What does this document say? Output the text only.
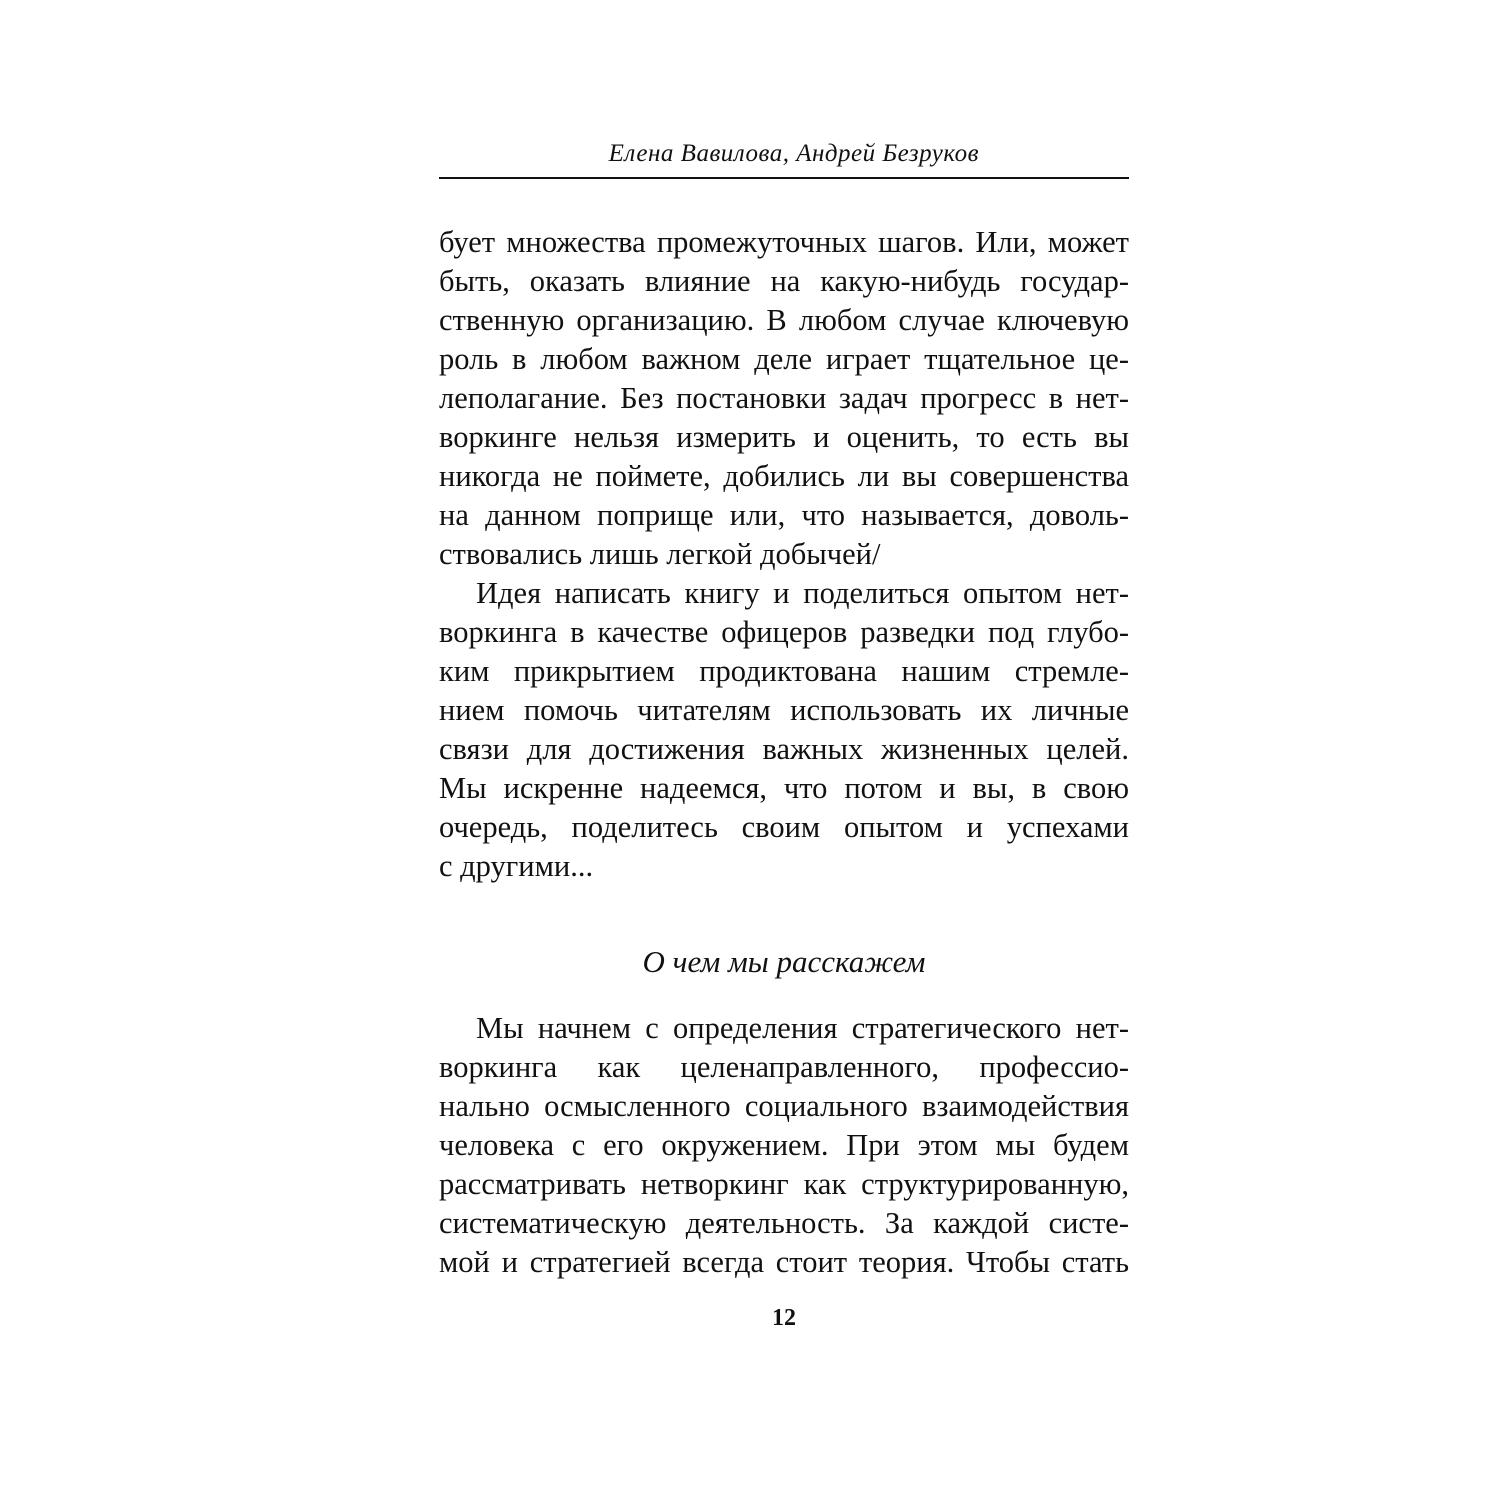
Елена Вавилова, Андрей Безруков
бует множества промежуточных шагов. Или, может
быть, оказать влияние на какую-нибудь государ-
ственную организацию. В любом случае ключевую
роль в любом важном деле играет тщательное це-
леполагание. Без постановки задач прогресс в нет-
воркинге нельзя измерить и оценить, то есть вы
никогда не поймете, добились ли вы совершенства
на данном поприще или, что называется, доволь-
ствовались лишь легкой добычей/
Идея написать книгу и поделиться опытом нет-
воркинга в качестве офицеров разведки под глубо-
ким прикрытием продиктована нашим стремле-
нием помочь читателям использовать их личные
связи для достижения важных жизненных целей.
Мы искренне надеемся, что потом и вы, в свою
очередь, поделитесь своим опытом и успехами
с другими...
О чем мы расскажем
Мы начнем с определения стратегического нет-
воркинга как целенаправленного, профессио-
нально осмысленного социального взаимодействия
человека с его окружением. При этом мы будем
рассматривать нетворкинг как структурированную,
систематическую деятельность. За каждой систе-
мой и стратегией всегда стоит теория. Чтобы стать
12
